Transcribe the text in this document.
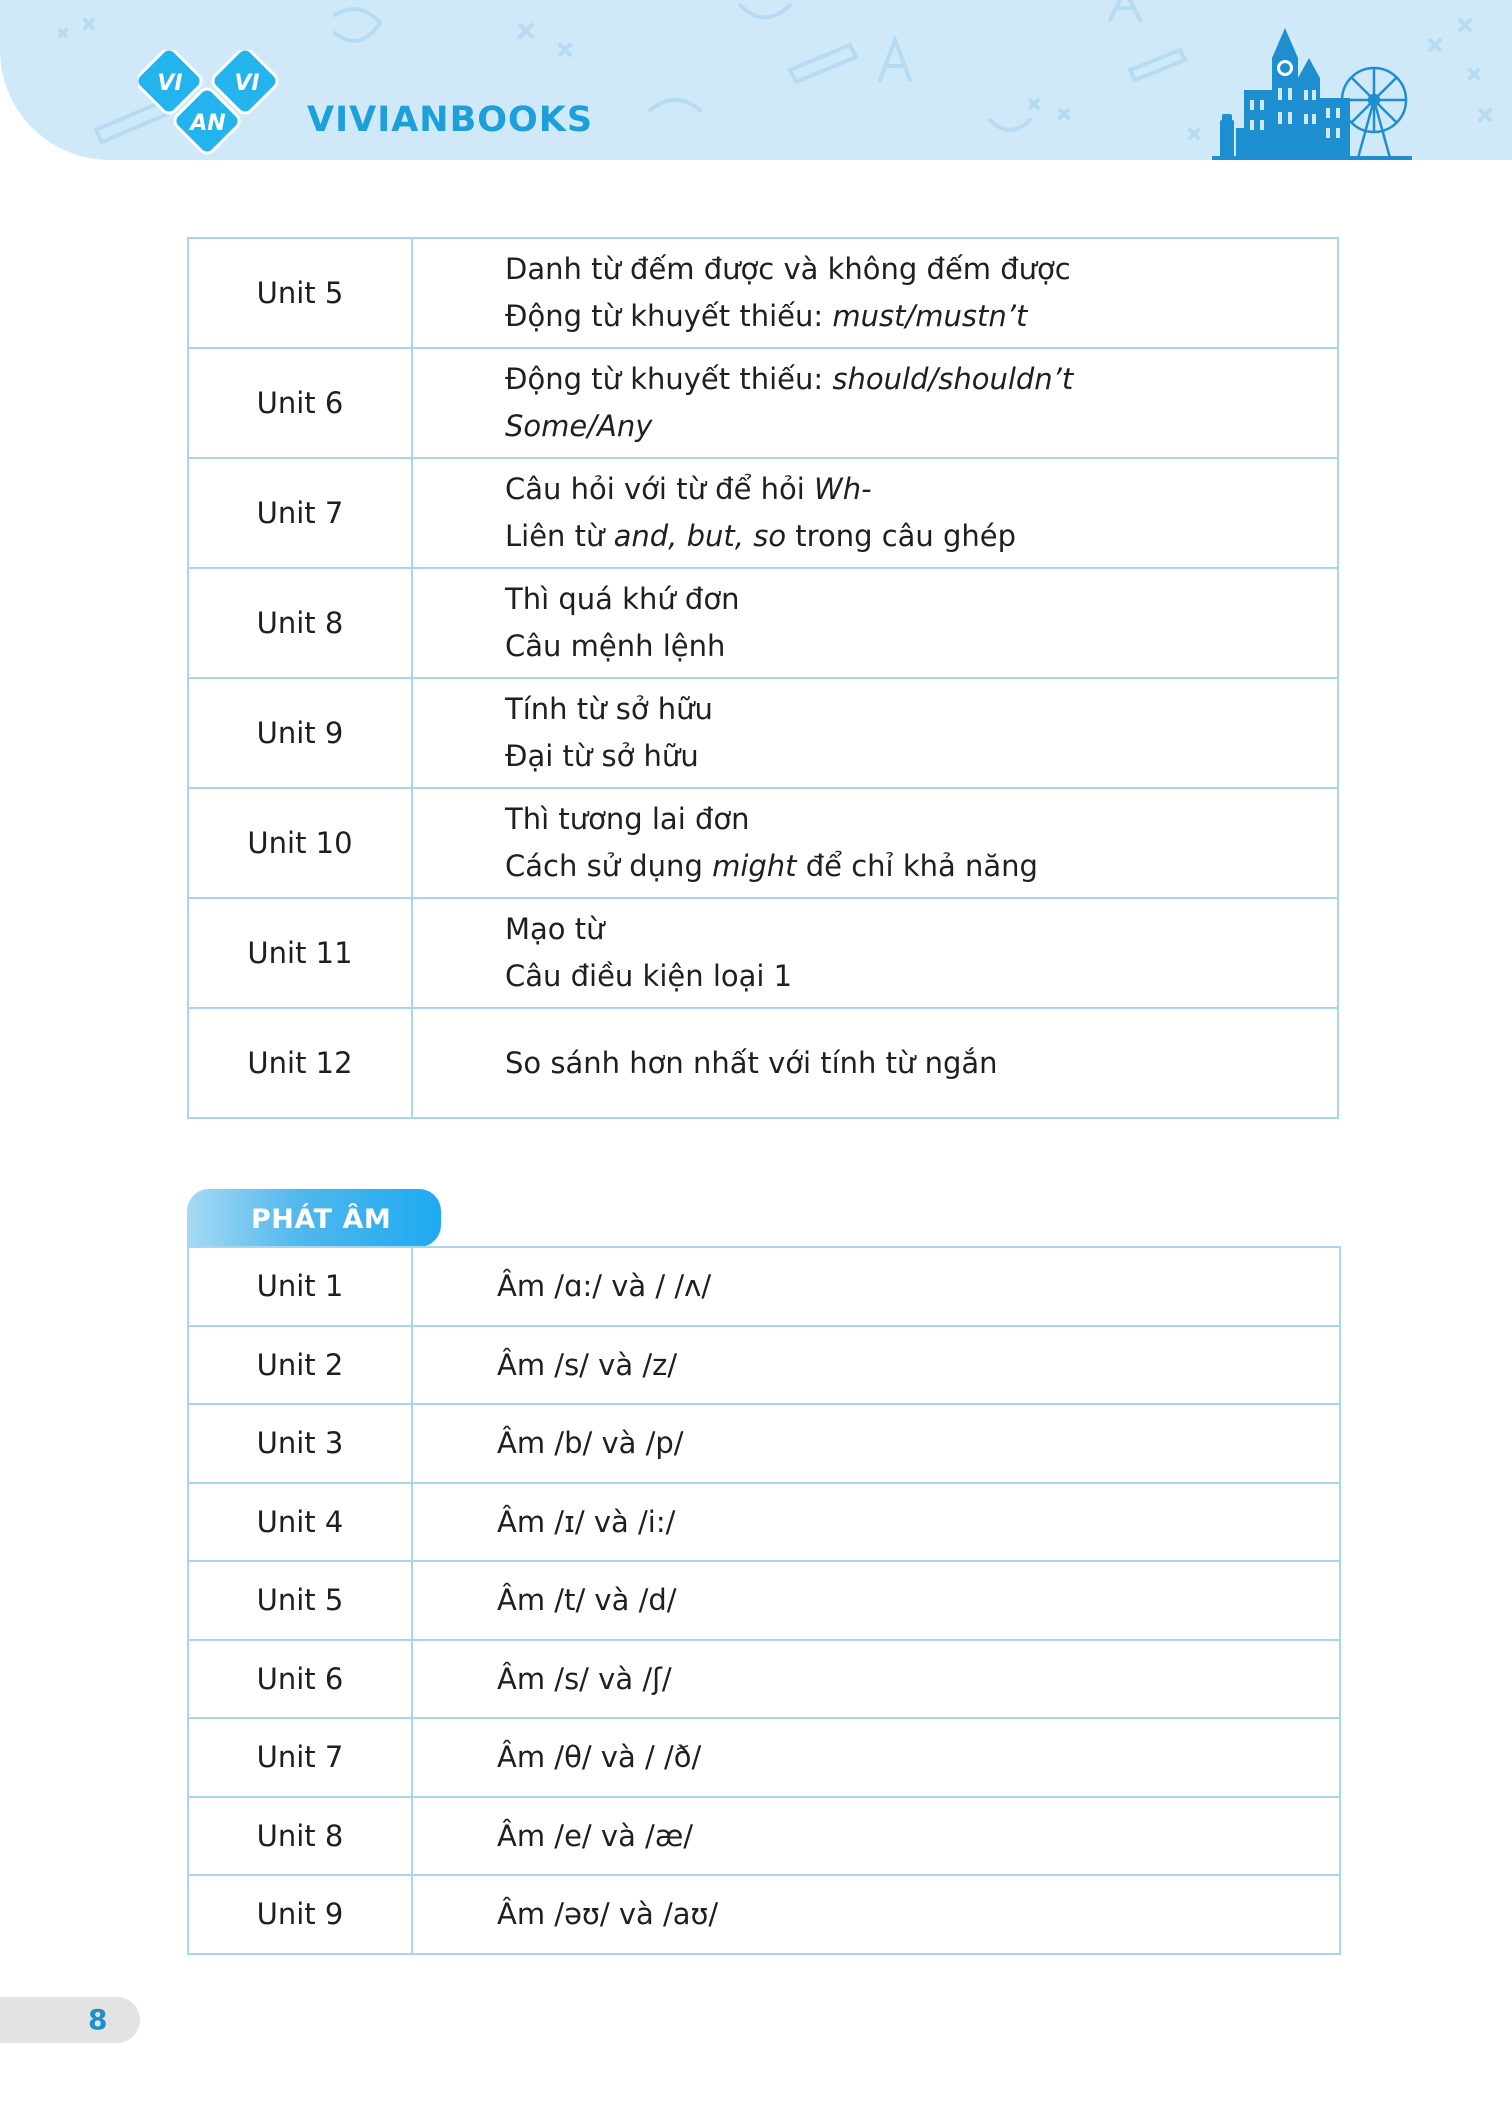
VI VI
AN VIVIANBOOKS
Unit 5	Danh từ đếm được và không đếm được
Động từ khuyết thiếu: must/mustn’t

Unit 6	Động từ khuyết thiếu: should/shouldn’t
Some/Any

Unit 7	Câu hỏi với từ để hỏi Wh-
Liên từ and, but, so trong câu ghép

Unit 8	Thì quá khứ đơn
Câu mệnh lệnh

Unit 9	Tính từ sở hữu
Đại từ sở hữu

Unit 10	Thì tương lai đơn
Cách sử dụng might để chỉ khả năng

Unit 11	Mạo từ
Câu điều kiện loại 1

Unit 12	So sánh hơn nhất với tính từ ngắn
PHÁT ÂM
Unit 1	Âm /ɑ:/ và / /ʌ/
Unit 2	Âm /s/ và /z/
Unit 3	Âm /b/ và /p/
Unit 4	Âm /ɪ/ và /i:/
Unit 5	Âm /t/ và /d/
Unit 6	Âm /s/ và /ʃ/
Unit 7	Âm /θ/ và / /ð/
Unit 8	Âm /e/ và /æ/
Unit 9	Âm /əʊ/ và /aʊ/
8
